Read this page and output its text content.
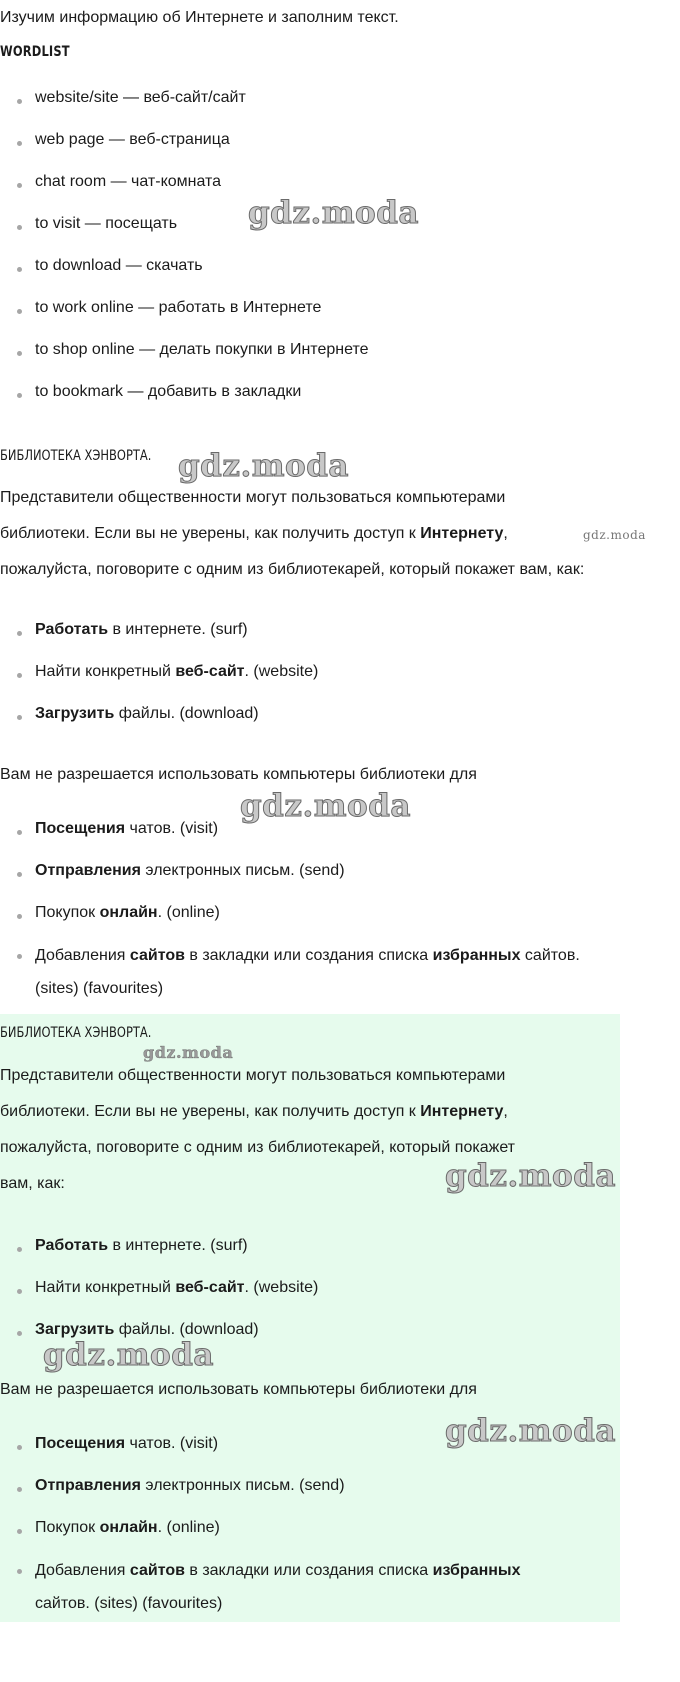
Изучим информацию об Интернете и заполним текст.
WORDLIST
website/site — веб-сайт/сайт
web page — веб-страница
chat room — чат-комната
to visit — посещать
to download — скачать
to work online — работать в Интернете
to shop online — делать покупки в Интернете
to bookmark — добавить в закладки
БИБЛИОТЕКА ХЭНВОРТА.
Представители общественности могут пользоваться компьютерами
библиотеки. Если вы не уверены, как получить доступ к Интернету,
пожалуйста, поговорите с одним из библиотекарей, который покажет вам, как:
Работать в интернете. (surf)
Найти конкретный веб-сайт. (website)
Загрузить файлы. (download)
Вам не разрешается использовать компьютеры библиотеки для
Посещения чатов. (visit)
Отправления электронных письм. (send)
Покупок онлайн. (online)
Добавления сайтов в закладки или создания списка избранных сайтов.
(sites) (favourites)
БИБЛИОТЕКА ХЭНВОРТА.
Представители общественности могут пользоваться компьютерами
библиотеки. Если вы не уверены, как получить доступ к Интернету,
пожалуйста, поговорите с одним из библиотекарей, который покажет
вам, как:
Работать в интернете. (surf)
Найти конкретный веб-сайт. (website)
Загрузить файлы. (download)
Вам не разрешается использовать компьютеры библиотеки для
Посещения чатов. (visit)
Отправления электронных письм. (send)
Покупок онлайн. (online)
Добавления сайтов в закладки или создания списка избранных
сайтов. (sites) (favourites)
gdz.moda
gdz.moda
gdz.moda
gdz.moda
gdz.moda
gdz.moda
gdz.moda
gdz.moda
